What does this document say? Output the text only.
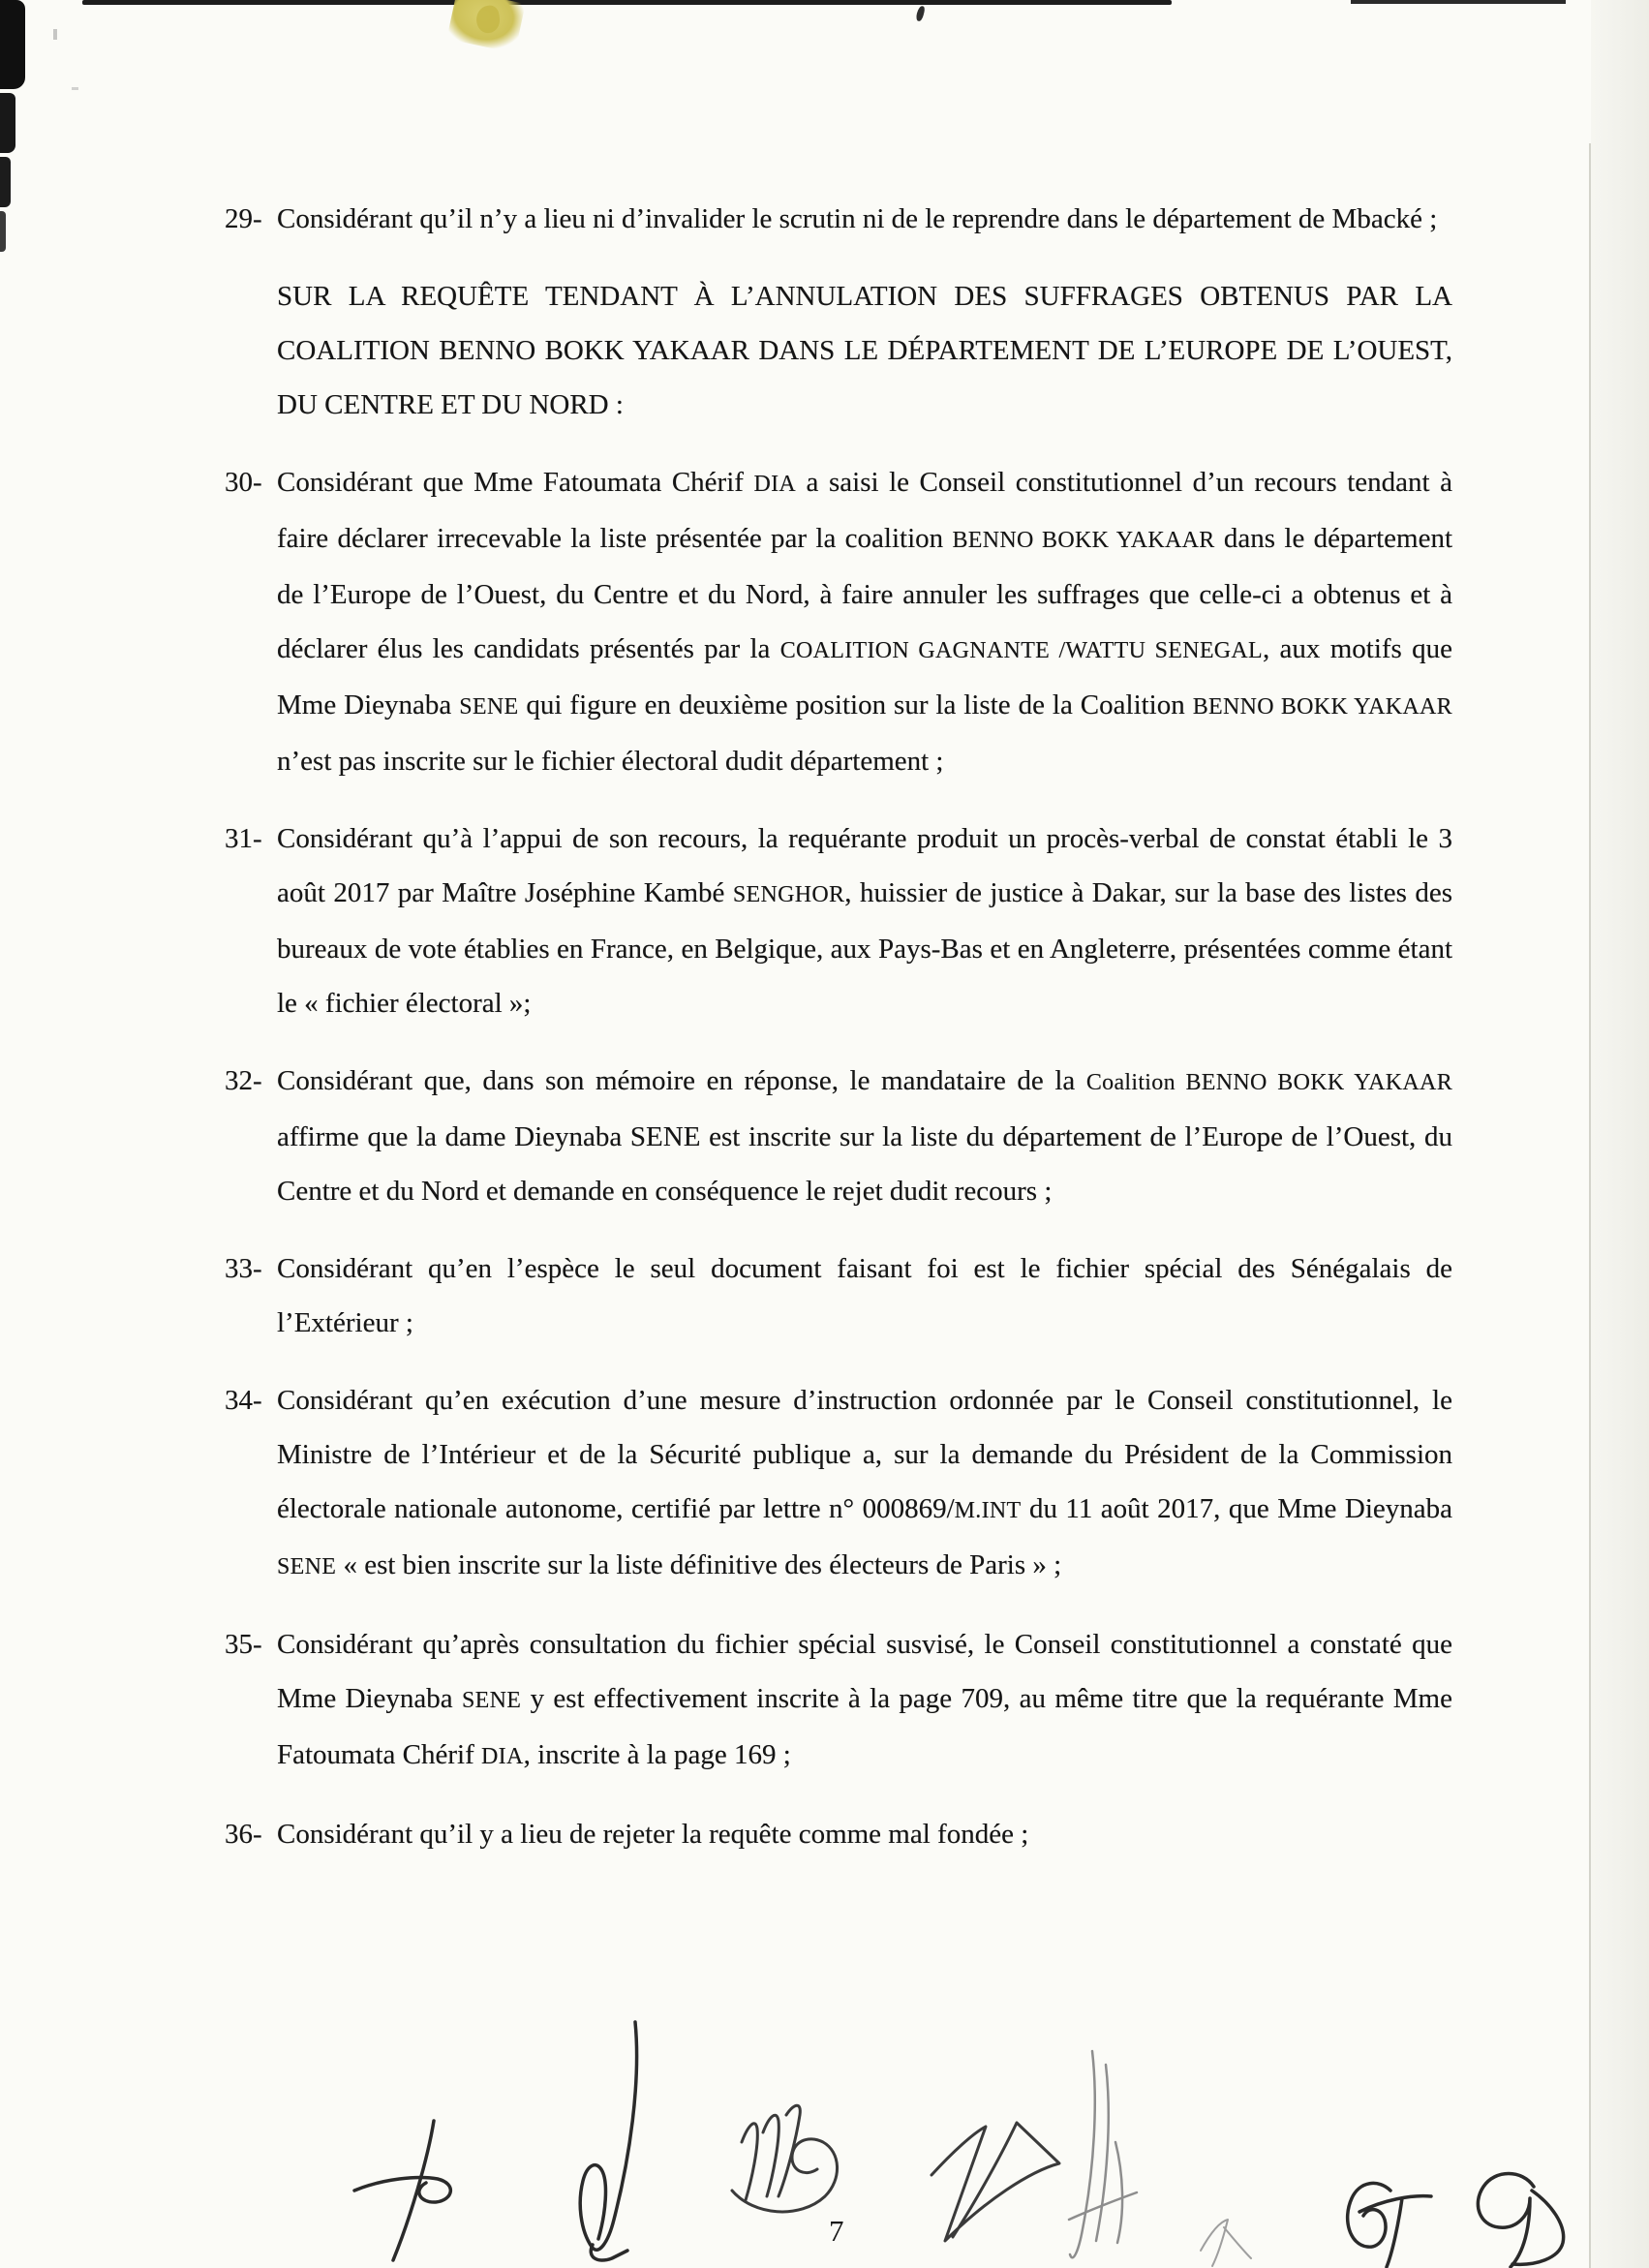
29- Considérant qu’il n’y a lieu ni d’invalider le scrutin ni de le reprendre dans le département de Mbacké ;
SUR LA REQUÊTE TENDANT À L’ANNULATION DES SUFFRAGES OBTENUS PAR LA COALITION BENNO BOKK YAKAAR DANS LE DÉPARTEMENT DE L’EUROPE DE L’OUEST, DU CENTRE ET DU NORD :
30- Considérant que Mme Fatoumata Chérif DIA a saisi le Conseil constitutionnel d’un recours tendant à faire déclarer irrecevable la liste présentée par la coalition BENNO BOKK YAKAAR dans le département de l’Europe de l’Ouest, du Centre et du Nord, à faire annuler les suffrages que celle-ci a obtenus et à déclarer élus les candidats présentés par la COALITION GAGNANTE /WATTU SENEGAL, aux motifs que Mme Dieynaba SENE qui figure en deuxième position sur la liste de la Coalition BENNO BOKK YAKAAR n’est pas inscrite sur le fichier électoral dudit département ;
31- Considérant qu’à l’appui de son recours, la requérante produit un procès-verbal de constat établi le 3 août 2017 par Maître Joséphine Kambé SENGHOR, huissier de justice à Dakar, sur la base des listes des bureaux de vote établies en France, en Belgique, aux Pays-Bas et en Angleterre, présentées comme étant le « fichier électoral »;
32- Considérant que, dans son mémoire en réponse, le mandataire de la Coalition BENNO BOKK YAKAAR affirme que la dame Dieynaba SENE est inscrite sur la liste du département de l’Europe de l’Ouest, du Centre et du Nord et demande en conséquence le rejet dudit recours ;
33- Considérant qu’en l’espèce le seul document faisant foi est le fichier spécial des Sénégalais de l’Extérieur ;
34- Considérant qu’en exécution d’une mesure d’instruction ordonnée par le Conseil constitutionnel, le Ministre de l’Intérieur et de la Sécurité publique a, sur la demande du Président de la Commission électorale nationale autonome, certifié par lettre n° 000869/M.INT du 11 août 2017, que Mme Dieynaba SENE « est bien inscrite sur la liste définitive des électeurs de Paris » ;
35- Considérant qu’après consultation du fichier spécial susvisé, le Conseil constitutionnel a constaté que Mme Dieynaba SENE y est effectivement inscrite à la page 709, au même titre que la requérante Mme Fatoumata Chérif DIA, inscrite à la page 169 ;
36- Considérant qu’il y a lieu de rejeter la requête comme mal fondée ;
7
